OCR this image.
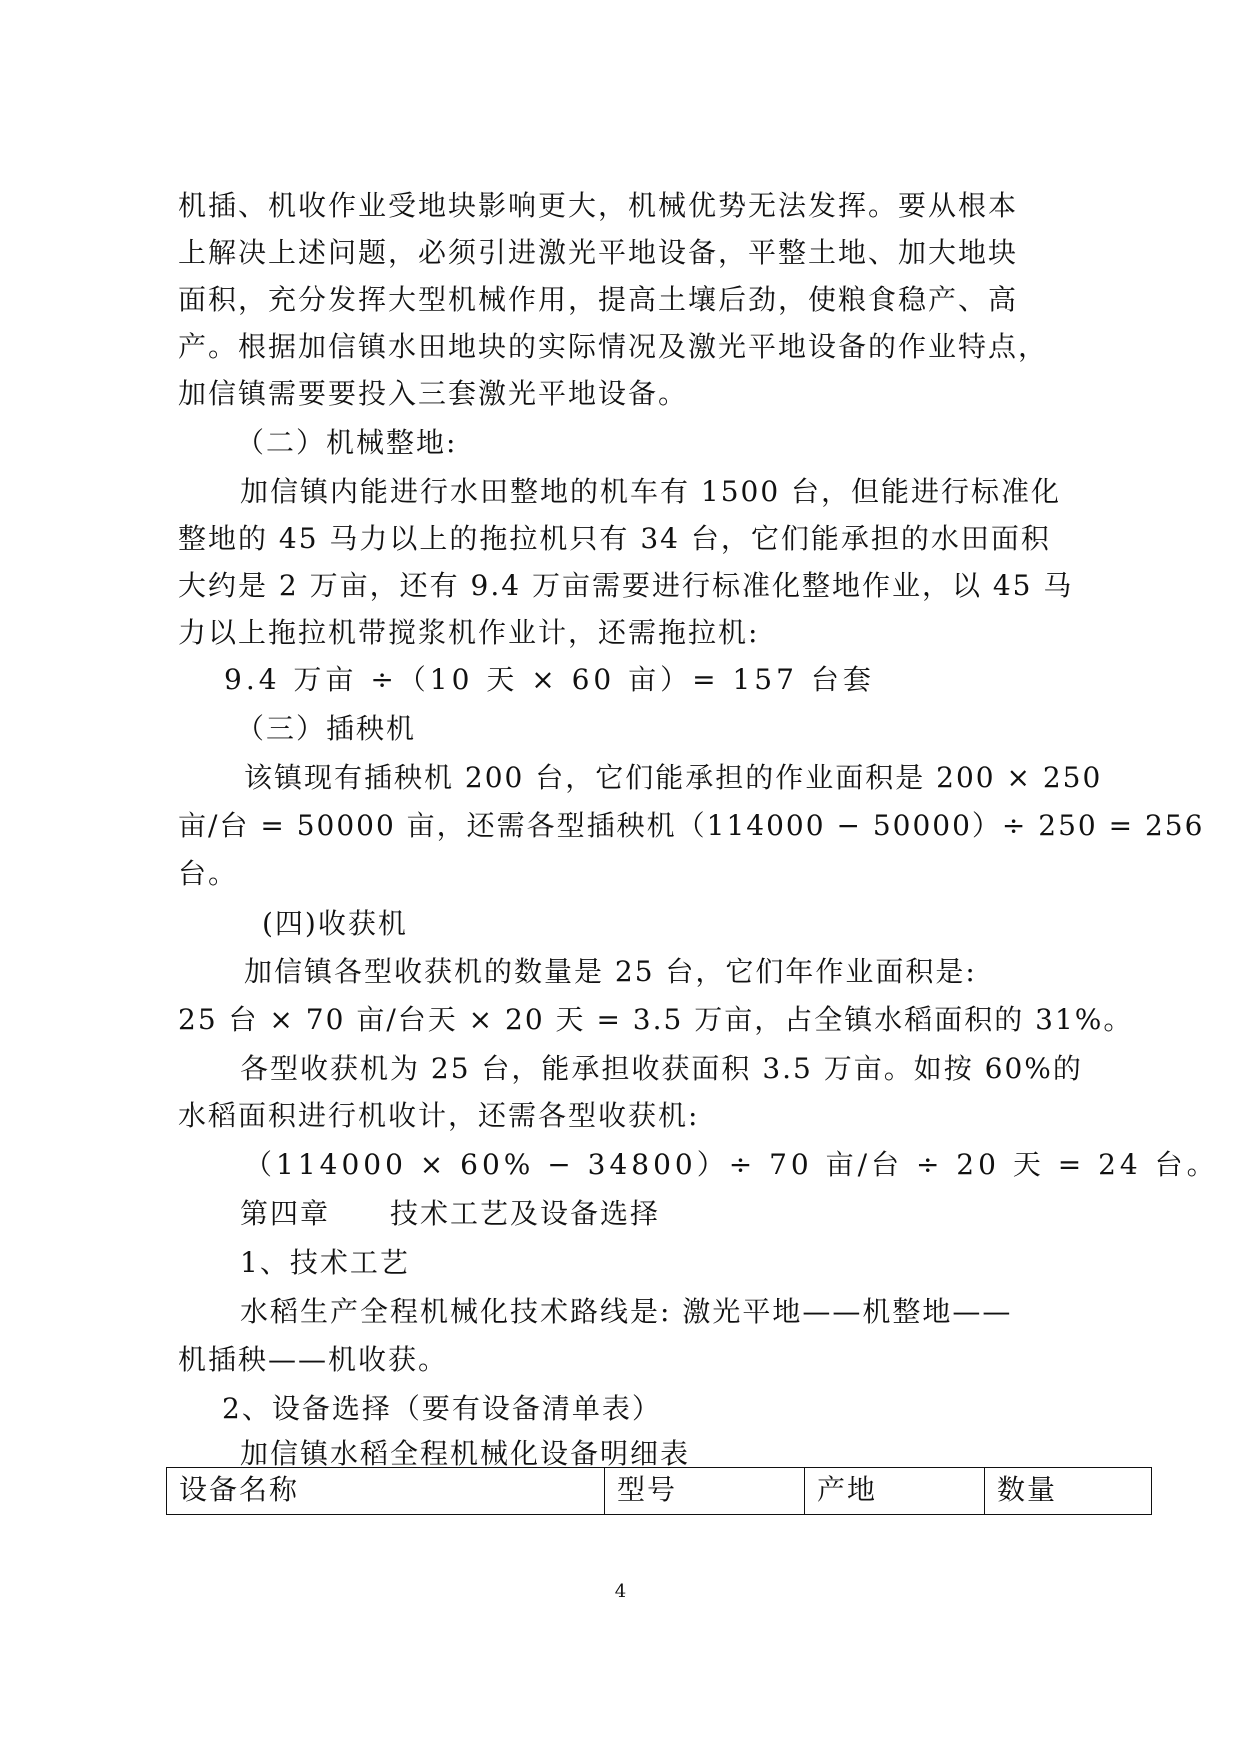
机插、机收作业受地块影响更大，机械优势无法发挥。要从根本
上解决上述问题，必须引进激光平地设备，平整土地、加大地块
面积，充分发挥大型机械作用，提高土壤后劲，使粮食稳产、高
产。根据加信镇水田地块的实际情况及激光平地设备的作业特点，
加信镇需要要投入三套激光平地设备。
（二）机械整地:
加信镇内能进行水田整地的机车有 1500 台，但能进行标准化
整地的 45 马力以上的拖拉机只有 34 台，它们能承担的水田面积
大约是 2 万亩，还有 9.4 万亩需要进行标准化整地作业，以 45 马
力以上拖拉机带搅浆机作业计，还需拖拉机:
9.4 万亩 ÷（10 天 × 60 亩）= 157 台套
（三）插秧机
该镇现有插秧机 200 台，它们能承担的作业面积是 200 × 250
亩/台 = 50000 亩，还需各型插秧机（114000 − 50000）÷ 250 = 256
台。
(四)收获机
加信镇各型收获机的数量是 25 台，它们年作业面积是:
25 台 × 70 亩/台天 × 20 天 = 3.5 万亩，占全镇水稻面积的 31%。
各型收获机为 25 台，能承担收获面积 3.5 万亩。如按 60%的
水稻面积进行机收计，还需各型收获机:
（114000 × 60% − 34800）÷ 70 亩/台 ÷ 20 天 = 24 台。
第四章　　技术工艺及设备选择
1、技术工艺
水稻生产全程机械化技术路线是: 激光平地——机整地——
机插秧——机收获。
2、设备选择（要有设备清单表）
加信镇水稻全程机械化设备明细表
设备名称	型号	产地	数量
4
